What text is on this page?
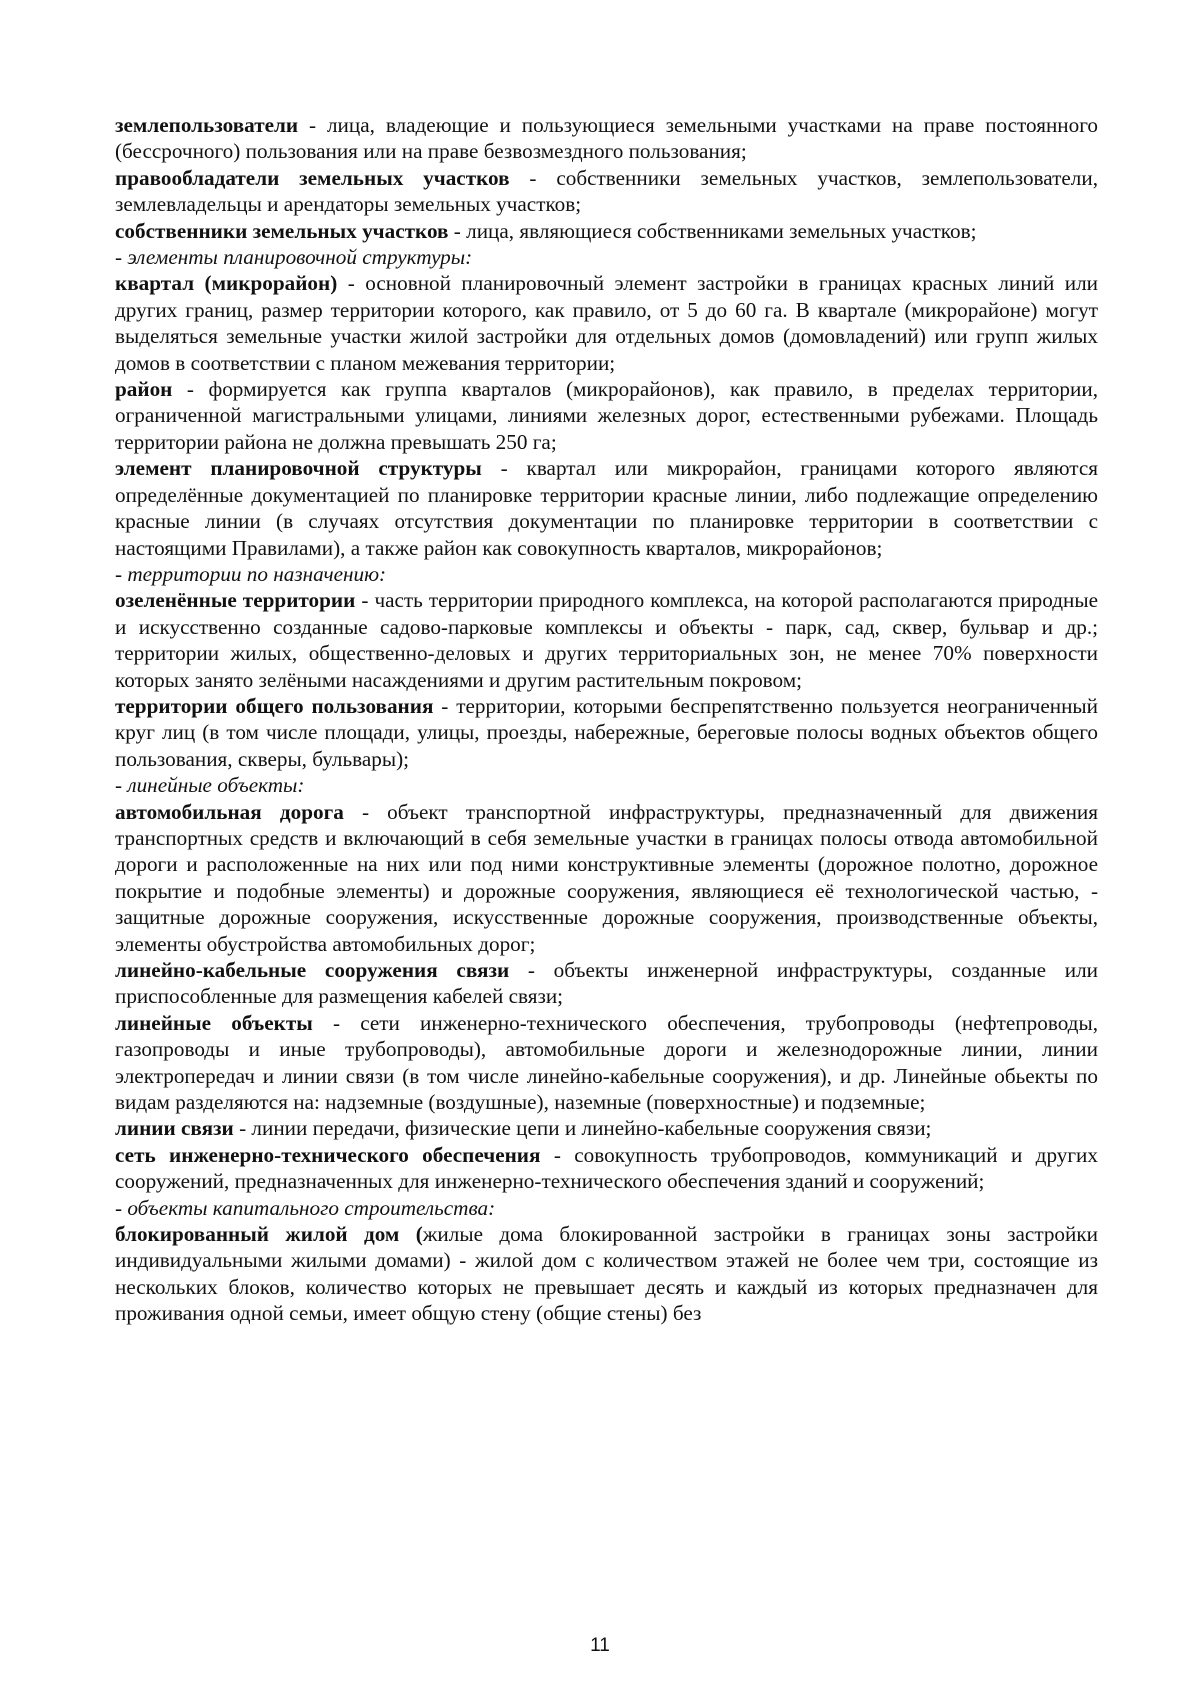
землепользователи - лица, владеющие и пользующиеся земельными участками на праве постоянного (бессрочного) пользования или на праве безвозмездного пользования;

правообладатели земельных участков - собственники земельных участков, землепользователи, землевладельцы и арендаторы земельных участков;

собственники земельных участков - лица, являющиеся собственниками земельных участков;

- элементы планировочной структуры:

квартал (микрорайон) - основной планировочный элемент застройки в границах красных линий или других границ, размер территории которого, как правило, от 5 до 60 га. В квартале (микрорайоне) могут выделяться земельные участки жилой застройки для отдельных домов (домовладений) или групп жилых домов в соответствии с планом межевания территории;

район - формируется как группа кварталов (микрорайонов), как правило, в пределах территории, ограниченной магистральными улицами, линиями железных дорог, естественными рубежами. Площадь территории района не должна превышать 250 га;

элемент планировочной структуры - квартал или микрорайон, границами которого являются определённые документацией по планировке территории красные линии, либо подлежащие определению красные линии (в случаях отсутствия документации по планировке территории в соответствии с настоящими Правилами), а также район как совокупность кварталов, микрорайонов;

- территории по назначению:

озеленённые территории - часть территории природного комплекса, на которой располагаются природные и искусственно созданные садово-парковые комплексы и объекты - парк, сад, сквер, бульвар и др.; территории жилых, общественно-деловых и других территориальных зон, не менее 70% поверхности которых занято зелёными насаждениями и другим растительным покровом;

территории общего пользования - территории, которыми беспрепятственно пользуется неограниченный круг лиц (в том числе площади, улицы, проезды, набережные, береговые полосы водных объектов общего пользования, скверы, бульвары);

- линейные объекты:

автомобильная дорога - объект транспортной инфраструктуры, предназначенный для движения транспортных средств и включающий в себя земельные участки в границах полосы отвода автомобильной дороги и расположенные на них или под ними конструктивные элементы (дорожное полотно, дорожное покрытие и подобные элементы) и дорожные сооружения, являющиеся её технологической частью, - защитные дорожные сооружения, искусственные дорожные сооружения, производственные объекты, элементы обустройства автомобильных дорог;

линейно-кабельные сооружения связи - объекты инженерной инфраструктуры, созданные или приспособленные для размещения кабелей связи;

линейные объекты - сети инженерно-технического обеспечения, трубопроводы (нефтепроводы, газопроводы и иные трубопроводы), автомобильные дороги и железнодорожные линии, линии электропередач и линии связи (в том числе линейно-кабельные сооружения), и др. Линейные обьекты по видам разделяются на: надземные (воздушные), наземные (поверхностные) и подземные;

линии связи - линии передачи, физические цепи и линейно-кабельные сооружения связи;

сеть инженерно-технического обеспечения - совокупность трубопроводов, коммуникаций и других сооружений, предназначенных для инженерно-технического обеспечения зданий и сооружений;

- объекты капитального строительства:

блокированный жилой дом (жилые дома блокированной застройки в границах зоны застройки индивидуальными жилыми домами) - жилой дом с количеством этажей не более чем три, состоящие из нескольких блоков, количество которых не превышает десять и каждый из которых предназначен для проживания одной семьи, имеет общую стену (общие стены) без

11
